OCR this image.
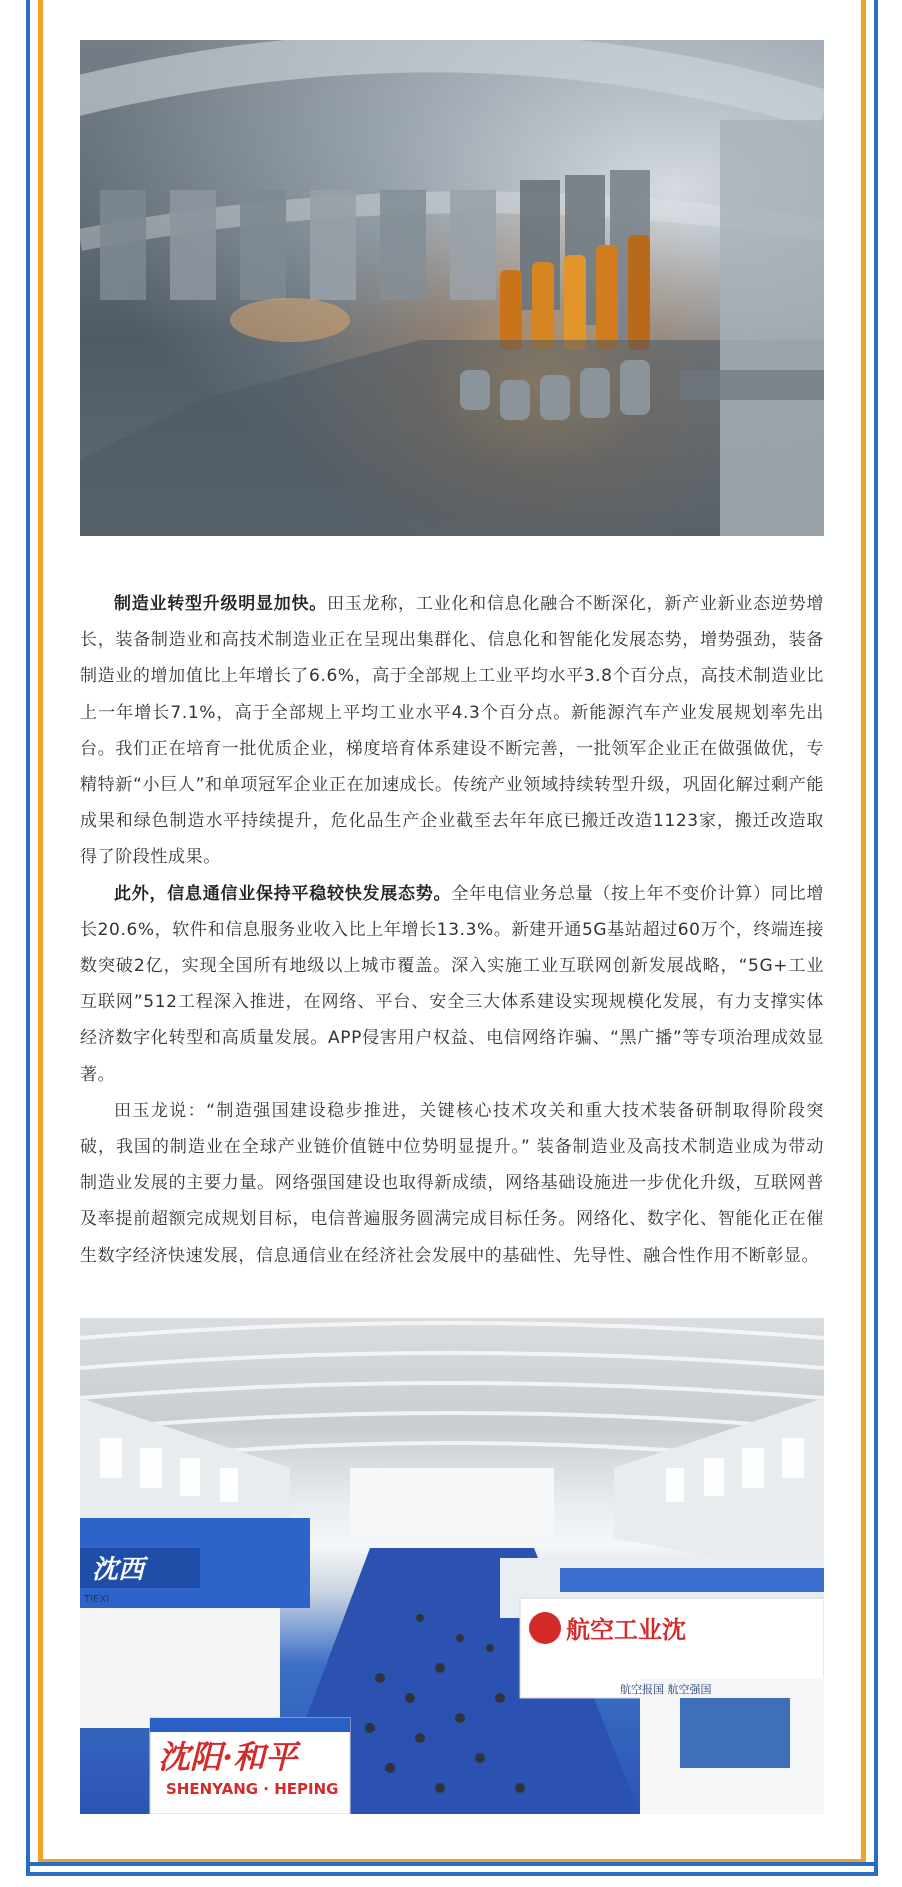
制造业转型升级明显加快。田玉龙称，工业化和信息化融合不断深化，新产业新业态逆势增长，装备制造业和高技术制造业正在呈现出集群化、信息化和智能化发展态势，增势强劲，装备制造业的增加值比上年增长了6.6%，高于全部规上工业平均水平3.8个百分点，高技术制造业比上一年增长7.1%，高于全部规上平均工业水平4.3个百分点。新能源汽车产业发展规划率先出台。我们正在培育一批优质企业，梯度培育体系建设不断完善，一批领军企业正在做强做优，专精特新“小巨人”和单项冠军企业正在加速成长。传统产业领域持续转型升级，巩固化解过剩产能成果和绿色制造水平持续提升，危化品生产企业截至去年年底已搬迁改造1123家，搬迁改造取得了阶段性成果。

此外，信息通信业保持平稳较快发展态势。全年电信业务总量（按上年不变价计算）同比增长20.6%，软件和信息服务业收入比上年增长13.3%。新建开通5G基站超过60万个，终端连接数突破2亿，实现全国所有地级以上城市覆盖。深入实施工业互联网创新发展战略，“5G+工业互联网”512工程深入推进，在网络、平台、安全三大体系建设实现规模化发展，有力支撑实体经济数字化转型和高质量发展。APP侵害用户权益、电信网络诈骗、“黑广播”等专项治理成效显著。

田玉龙说：“制造强国建设稳步推进，关键核心技术攻关和重大技术装备研制取得阶段突破，我国的制造业在全球产业链价值链中位势明显提升。” 装备制造业及高技术制造业成为带动制造业发展的主要力量。网络强国建设也取得新成绩，网络基础设施进一步优化升级，互联网普及率提前超额完成规划目标，电信普遍服务圆满完成目标任务。网络化、数字化、智能化正在催生数字经济快速发展，信息通信业在经济社会发展中的基础性、先导性、融合性作用不断彰显。

沈西
TIEXI
沈阳·和平
SHENYANG · HEPING
航空工业沈
航空报国 航空强国
